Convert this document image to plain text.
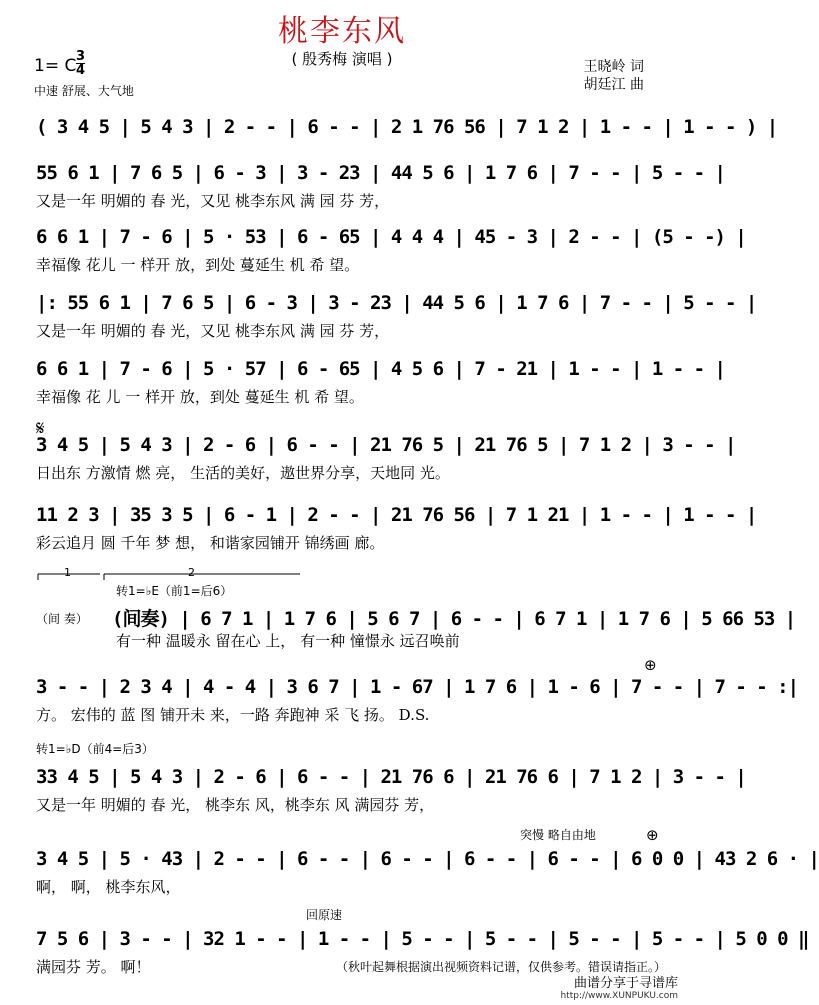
桃李东风
( 殷秀梅 演唱 )	王晓岭 词
胡廷江 曲
1= C 3
4
中速 舒展、大气地
( 3 4 5 | 5 4 3 | 2 - - | 6 - - | 2 1 76 56 | 7 1 2 | 1 - - | 1 - - ) |
55 6 1 | 7 6 5 | 6 - 3 | 3 - 23 | 44 5 6 | 1 7 6 | 7 - - | 5 - - |
又是一年 明媚的 春 光，又见 桃李东风 满 园 芬 芳，
6 6 1 | 7 - 6 | 5 · 53 | 6 - 65 | 4 4 4 | 45 - 3 | 2 - - | (5 - -) |
幸福像 花儿 一 样开 放，到处 蔓延生 机 希 望。
|: 55 6 1 | 7 6 5 | 6 - 3 | 3 - 23 | 44 5 6 | 1 7 6 | 7 - - | 5 - - |
又是一年 明媚的 春 光，又见 桃李东风 满 园 芬 芳，
6 6 1 | 7 - 6 | 5 · 57 | 6 - 65 | 4 5 6 | 7 - 21 | 1 - - | 1 - - |
幸福像 花 儿 一 样开 放，到处 蔓延生 机 希 望。
𝄋
3 4 5 | 5 4 3 | 2 - 6 | 6 - - | 21 76 5 | 21 76 5 | 7 1 2 | 3 - - |
日出东 方激情 燃 亮， 生活的美好，遨世界分享，天地同 光。
11 2 3 | 35 3 5 | 6 - 1 | 2 - - | 21 76 56 | 7 1 21 | 1 - - | 1 - - |
彩云追月 圆 千年 梦 想， 和谐家园铺开 锦绣画 廊。
1	2
转1=♭E（前1=后6）
（间 奏） (间奏) | 6 7 1 | 1 7 6 | 5 6 7 | 6 - - | 6 7 1 | 1 7 6 | 5 66 53 |
有一种 温暖永 留在心 上， 有一种 憧憬永 远召唤前
⊕
3 - - | 2 3 4 | 4 - 4 | 3 6 7 | 1 - 67 | 1 7 6 | 1 - 6 | 7 - - | 7 - - :|
方。 宏伟的 蓝 图 铺开未 来，一路 奔跑神 采 飞 扬。 D.S.
转1=♭D（前4=后3）
33 4 5 | 5 4 3 | 2 - 6 | 6 - - | 21 76 6 | 21 76 6 | 7 1 2 | 3 - - |
又是一年 明媚的 春 光， 桃李东 风，桃李东 风 满园芬 芳，
突慢 略自由地	⊕
3 4 5 | 5 · 43 | 2 - - | 6 - - | 6 - - | 6 - - | 6 - - | 6 0 0 | 43 2 6 · |
啊， 啊， 桃李东风，
回原速
7 5 6 | 3 - - | 32 1 - - | 1 - - | 5 - - | 5 - - | 5 - - | 5 - - | 5 0 0 ‖
满园芬 芳。 啊！	（秋叶起舞根据演出视频资料记谱，仅供参考。错误请指正。）
曲谱分享于寻谱库
http://www.XUNPUKU.com
